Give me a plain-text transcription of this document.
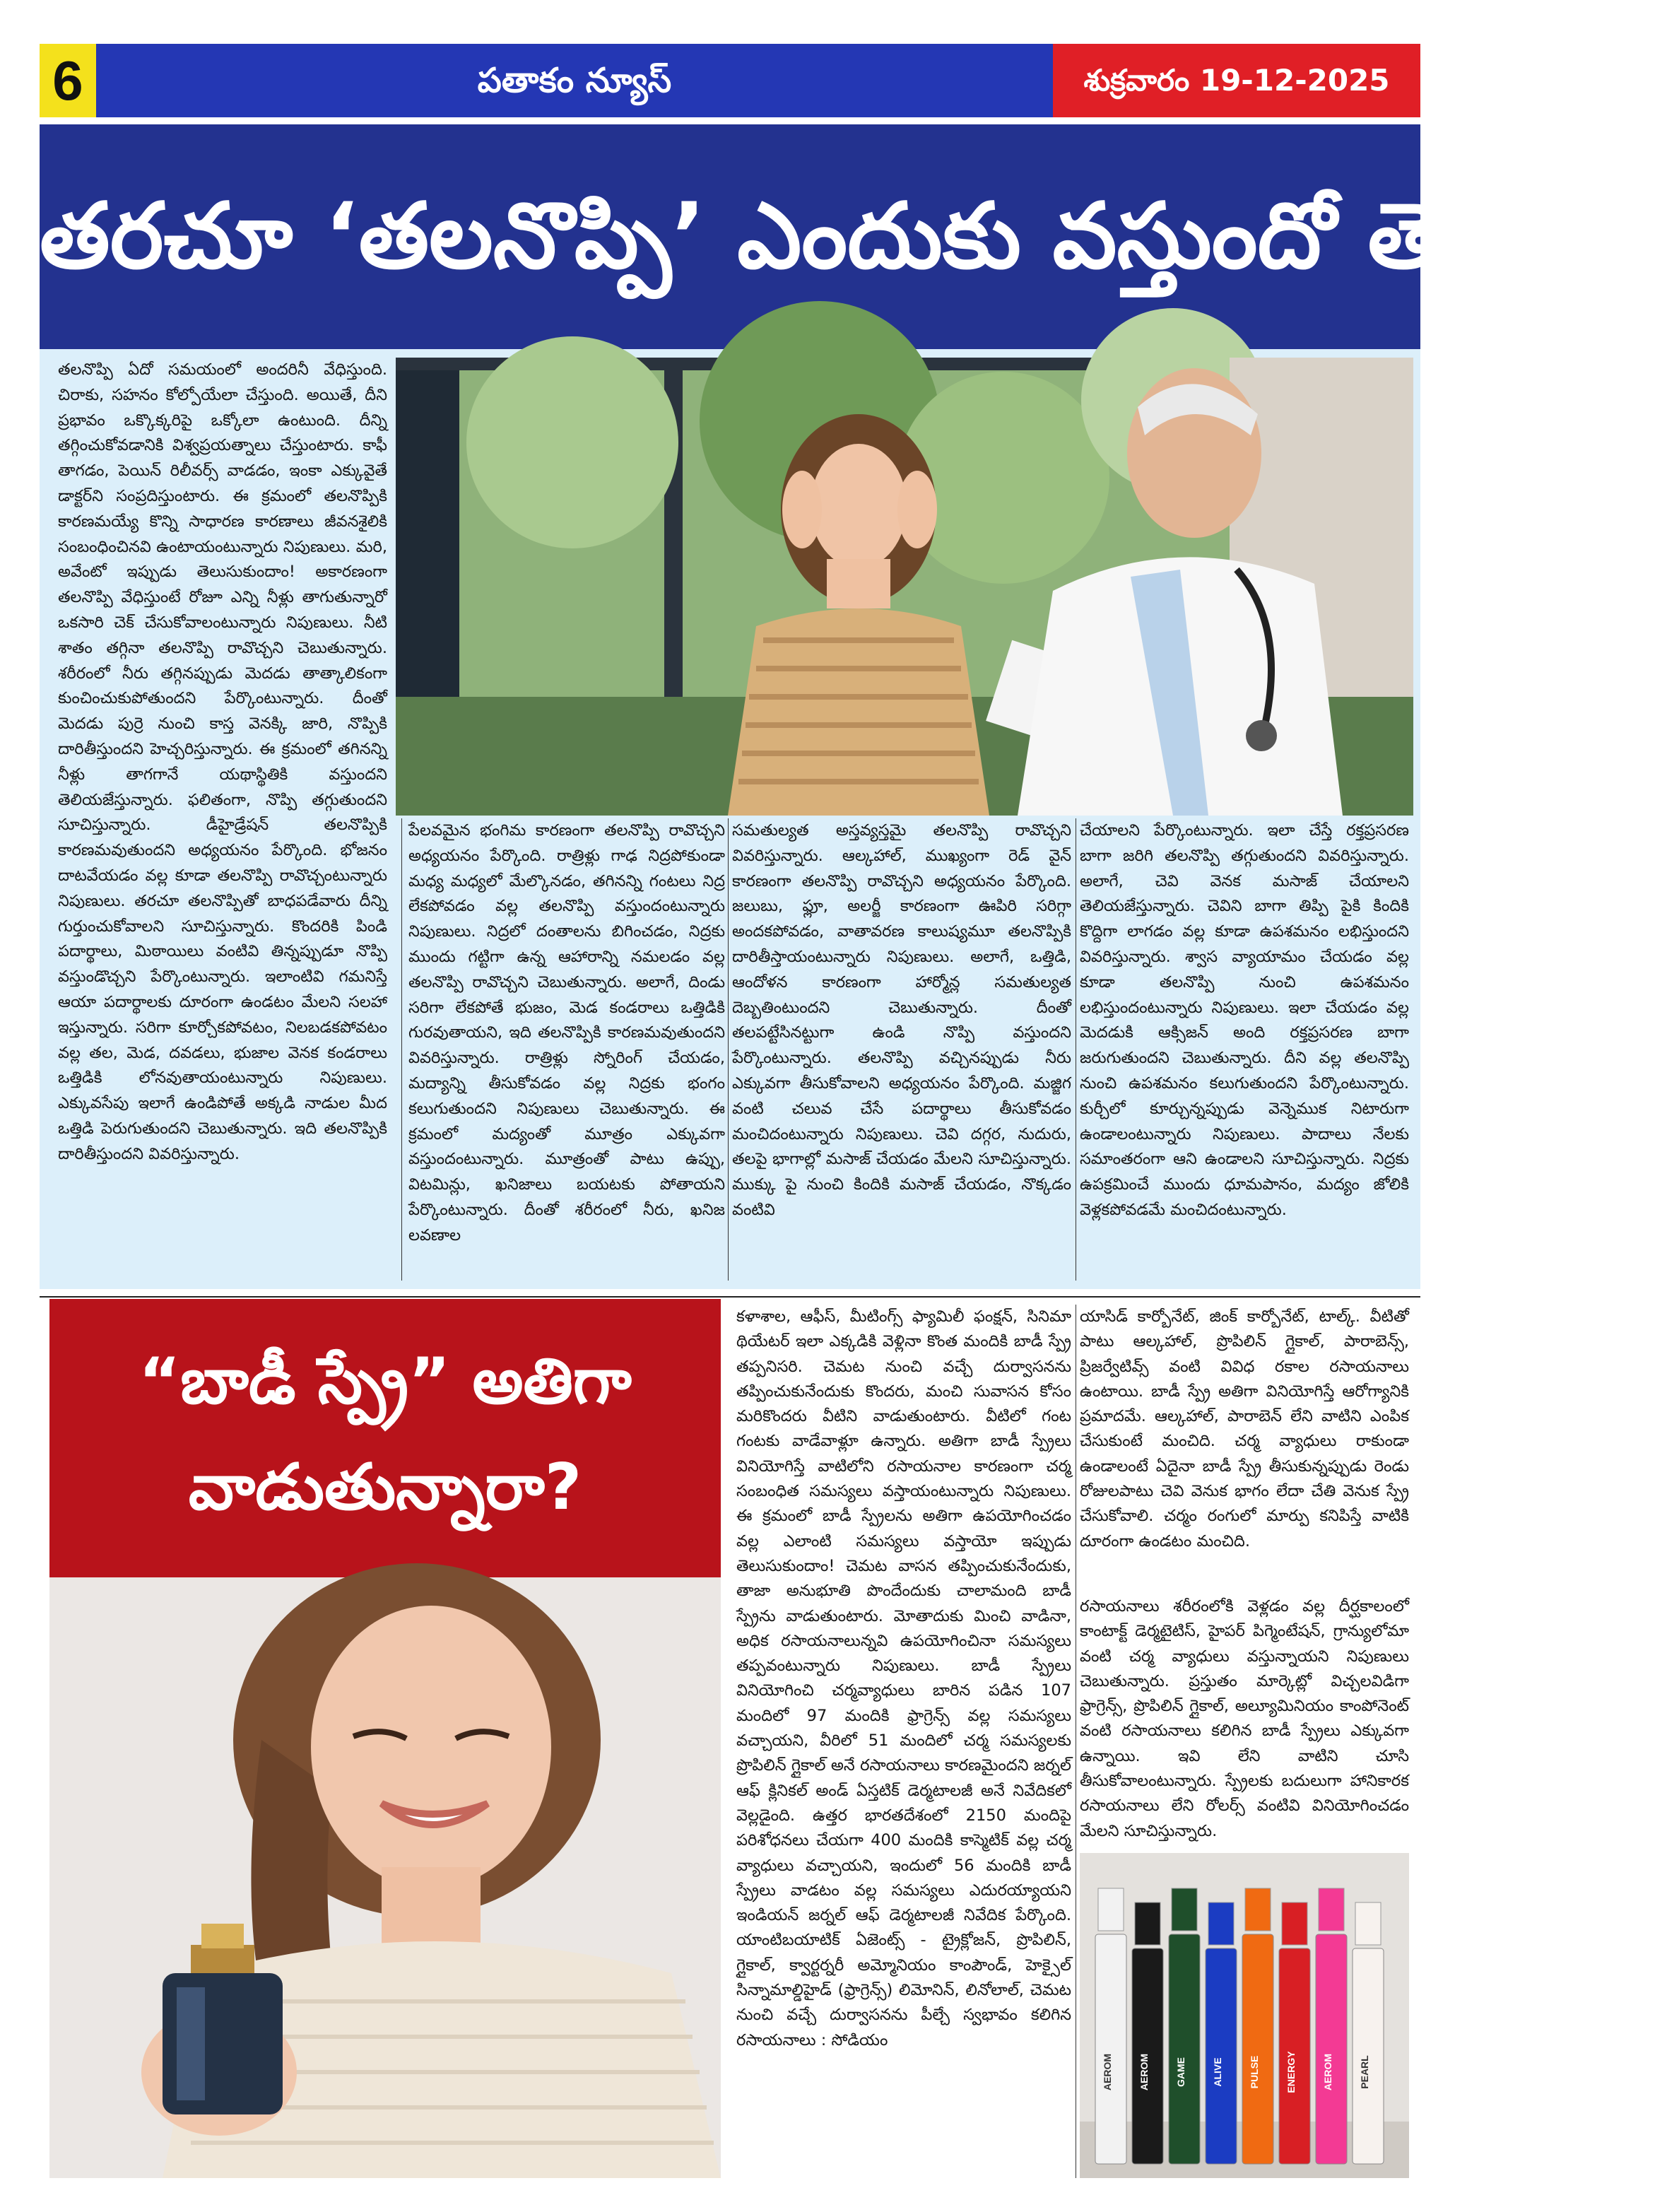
6	పతాకం న్యూస్	శుక్రవారం 19-12-2025
తరచూ ‘తలనొప్పి’ ఎందుకు వస్తుందో తెలుసా?
తలనొప్పి ఏదో సమయంలో అందరినీ వేధిస్తుంది. చిరాకు, సహనం కోల్పోయేలా చేస్తుంది. అయితే, దీని ప్రభావం ఒక్కొక్కరిపై ఒక్కోలా ఉంటుంది. దీన్ని తగ్గించుకోవడానికి విశ్వప్రయత్నాలు చేస్తుంటారు. కాఫీ తాగడం, పెయిన్ రిలీవర్స్ వాడడం, ఇంకా ఎక్కువైతే డాక్టర్‌ని సంప్రదిస్తుంటారు. ఈ క్రమంలో తలనొప్పికి కారణమయ్యే కొన్ని సాధారణ కారణాలు జీవనశైలికి సంబంధించినవి ఉంటాయంటున్నారు నిపుణులు. మరి, అవేంటో ఇప్పుడు తెలుసుకుందాం! అకారణంగా తలనొప్పి వేధిస్తుంటే రోజూ ఎన్ని నీళ్లు తాగుతున్నారో ఒకసారి చెక్ చేసుకోవాలంటున్నారు నిపుణులు. నీటి శాతం తగ్గినా తలనొప్పి రావొచ్చని చెబుతున్నారు. శరీరంలో నీరు తగ్గినప్పుడు మెదడు తాత్కాలికంగా కుంచించుకుపోతుందని పేర్కొంటున్నారు. దీంతో మెదడు పుర్రె నుంచి కాస్త వెనక్కి జారి, నొప్పికి దారితీస్తుందని హెచ్చరిస్తున్నారు. ఈ క్రమంలో తగినన్ని నీళ్లు తాగగానే యథాస్థితికి వస్తుందని తెలియజేస్తున్నారు. ఫలితంగా, నొప్పి తగ్గుతుందని సూచిస్తున్నారు. డీహైడ్రేషన్ తలనొప్పికి కారణమవుతుందని అధ్యయనం పేర్కొంది. భోజనం దాటవేయడం వల్ల కూడా తలనొప్పి రావొచ్చంటున్నారు నిపుణులు. తరచూ తలనొప్పితో బాధపడేవారు దీన్ని గుర్తుంచుకోవాలని సూచిస్తున్నారు. కొందరికి పిండి పదార్థాలు, మిఠాయిలు వంటివి తిన్నప్పుడూ నొప్పి వస్తుండొచ్చని పేర్కొంటున్నారు. ఇలాంటివి గమనిస్తే ఆయా పదార్థాలకు దూరంగా ఉండటం మేలని సలహా ఇస్తున్నారు. సరిగా కూర్చోకపోవటం, నిలబడకపోవటం వల్ల తల, మెడ, దవడలు, భుజాల వెనక కండరాలు ఒత్తిడికి లోనవుతాయంటున్నారు నిపుణులు. ఎక్కువసేపు ఇలాగే ఉండిపోతే అక్కడి నాడుల మీద ఒత్తిడి పెరుగుతుందని చెబుతున్నారు. ఇది తలనొప్పికి దారితీస్తుందని వివరిస్తున్నారు.
పేలవమైన భంగిమ కారణంగా తలనొప్పి రావొచ్చని అధ్యయనం పేర్కొంది. రాత్రిళ్లు గాఢ నిద్రపోకుండా మధ్య మధ్యలో మేల్కొనడం, తగినన్ని గంటలు నిద్ర లేకపోవడం వల్ల తలనొప్పి వస్తుందంటున్నారు నిపుణులు. నిద్రలో దంతాలను బిగించడం, నిద్రకు ముందు గట్టిగా ఉన్న ఆహారాన్ని నమలడం వల్ల తలనొప్పి రావొచ్చని చెబుతున్నారు. అలాగే, దిండు సరిగా లేకపోతే భుజం, మెడ కండరాలు ఒత్తిడికి గురవుతాయని, ఇది తలనొప్పికి కారణమవుతుందని వివరిస్తున్నారు. రాత్రిళ్లు స్నోరింగ్ చేయడం, మద్యాన్ని తీసుకోవడం వల్ల నిద్రకు భంగం కలుగుతుందని నిపుణులు చెబుతున్నారు. ఈ క్రమంలో మద్యంతో మూత్రం ఎక్కువగా వస్తుందంటున్నారు. మూత్రంతో పాటు ఉప్పు, విటమిన్లు, ఖనిజాలు బయటకు పోతాయని పేర్కొంటున్నారు. దీంతో శరీరంలో నీరు, ఖనిజ లవణాల
సమతుల్యత అస్తవ్యస్తమై తలనొప్పి రావొచ్చని వివరిస్తున్నారు. ఆల్కహాల్, ముఖ్యంగా రెడ్ వైన్ కారణంగా తలనొప్పి రావొచ్చని అధ్యయనం పేర్కొంది. జలుబు, ఫ్లూ, అలర్జీ కారణంగా ఊపిరి సరిగ్గా అందకపోవడం, వాతావరణ కాలుష్యమూ తలనొప్పికి దారితీస్తాయంటున్నారు నిపుణులు. అలాగే, ఒత్తిడి, ఆందోళన కారణంగా హార్మోన్ల సమతుల్యత దెబ్బతింటుందని చెబుతున్నారు. దీంతో తలపట్టేసినట్టుగా ఉండి నొప్పి వస్తుందని పేర్కొంటున్నారు. తలనొప్పి వచ్చినప్పుడు నీరు ఎక్కువగా తీసుకోవాలని అధ్యయనం పేర్కొంది. మజ్జిగ వంటి చలువ చేసే పదార్థాలు తీసుకోవడం మంచిదంటున్నారు నిపుణులు. చెవి దగ్గర, నుదురు, తలపై భాగాల్లో మసాజ్ చేయడం మేలని సూచిస్తున్నారు. ముక్కు పై నుంచి కిందికి మసాజ్ చేయడం, నొక్కడం వంటివి
చేయాలని పేర్కొంటున్నారు. ఇలా చేస్తే రక్తప్రసరణ బాగా జరిగి తలనొప్పి తగ్గుతుందని వివరిస్తున్నారు. అలాగే, చెవి వెనక మసాజ్ చేయాలని తెలియజేస్తున్నారు. చెవిని బాగా తిప్పి పైకి కిందికి కొద్దిగా లాగడం వల్ల కూడా ఉపశమనం లభిస్తుందని వివరిస్తున్నారు. శ్వాస వ్యాయామం చేయడం వల్ల కూడా తలనొప్పి నుంచి ఉపశమనం లభిస్తుందంటున్నారు నిపుణులు. ఇలా చేయడం వల్ల మెదడుకి ఆక్సిజన్ అంది రక్తప్రసరణ బాగా జరుగుతుందని చెబుతున్నారు. దీని వల్ల తలనొప్పి నుంచి ఉపశమనం కలుగుతుందని పేర్కొంటున్నారు. కుర్చీలో కూర్చున్నప్పుడు వెన్నెముక నిటారుగా ఉండాలంటున్నారు నిపుణులు. పాదాలు నేలకు సమాంతరంగా ఆని ఉండాలని సూచిస్తున్నారు. నిద్రకు ఉపక్రమించే ముందు ధూమపానం, మద్యం జోలికి వెళ్లకపోవడమే మంచిదంటున్నారు.
“బాడీ స్ప్రే” అతిగా
వాడుతున్నారా?
కళాశాల, ఆఫీస్, మీటింగ్స్ ఫ్యామిలీ ఫంక్షన్, సినిమా థియేటర్ ఇలా ఎక్కడికి వెళ్లినా కొంత మందికి బాడీ స్ప్రే తప్పనిసరి. చెమట నుంచి వచ్చే దుర్వాసనను తప్పించుకునేందుకు కొందరు, మంచి సువాసన కోసం మరికొందరు వీటిని వాడుతుంటారు. వీటిలో గంట గంటకు వాడేవాళ్లూ ఉన్నారు. అతిగా బాడీ స్ప్రేలు వినియోగిస్తే వాటిలోని రసాయనాల కారణంగా చర్మ సంబంధిత సమస్యలు వస్తాయంటున్నారు నిపుణులు. ఈ క్రమంలో బాడీ స్ప్రేలను అతిగా ఉపయోగించడం వల్ల ఎలాంటి సమస్యలు వస్తాయో ఇప్పుడు తెలుసుకుందాం! చెమట వాసన తప్పించుకునేందుకు, తాజా అనుభూతి పొందేందుకు చాలామంది బాడీ స్ప్రేను వాడుతుంటారు. మోతాదుకు మించి వాడినా, అధిక రసాయనాలున్నవి ఉపయోగించినా సమస్యలు తప్పవంటున్నారు నిపుణులు. బాడీ స్ప్రేలు వినియోగించి చర్మవ్యాధులు బారిన పడిన 107 మందిలో 97 మందికి ఫ్రాగ్రెన్స్ వల్ల సమస్యలు వచ్చాయని, వీరిలో 51 మందిలో చర్మ సమస్యలకు ప్రొపిలిన్ గ్లైకాల్ అనే రసాయనాలు కారణమైందని జర్నల్ ఆఫ్ క్లినికల్ అండ్ ఏస్తటిక్ డెర్మటాలజీ అనే నివేదికలో వెల్లడైంది. ఉత్తర భారతదేశంలో 2150 మందిపై పరిశోధనలు చేయగా 400 మందికి కాస్మెటిక్ వల్ల చర్మ వ్యాధులు వచ్చాయని, ఇందులో 56 మందికి బాడీ స్ప్రేలు వాడటం వల్ల సమస్యలు ఎదురయ్యాయని ఇండియన్ జర్నల్ ఆఫ్ డెర్మటాలజీ నివేదిక పేర్కొంది. యాంటిబయాటిక్ ఏజెంట్స్ - ట్రైక్లోజన్, ప్రొపిలిన్, గ్లైకాల్, క్వార్టర్నరీ అమ్మోనియం కాంపౌండ్, హెక్సైల్ సిన్నామాల్డిహైడ్ (ఫ్రాగ్రెన్స్) లిమోనిన్, లినోలాల్, చెమట నుంచి వచ్చే దుర్వాసనను పీల్చే స్వభావం కలిగిన రసాయనాలు : సోడియం
యాసిడ్ కార్బోనేట్, జింక్ కార్బోనేట్, టాల్క్. వీటితో పాటు ఆల్కహాల్, ప్రొపిలిన్ గ్లైకాల్, పారాబెన్స్, ప్రిజర్వేటివ్స్ వంటి వివిధ రకాల రసాయనాలు ఉంటాయి. బాడీ స్ప్రే అతిగా వినియోగిస్తే ఆరోగ్యానికి ప్రమాదమే. ఆల్కహాల్, పారాబెన్ లేని వాటిని ఎంపిక చేసుకుంటే మంచిది. చర్మ వ్యాధులు రాకుండా ఉండాలంటే ఏదైనా బాడీ స్ప్రే తీసుకున్నప్పుడు రెండు రోజులపాటు చెవి వెనుక భాగం లేదా చేతి వెనుక స్ప్రే చేసుకోవాలి. చర్మం రంగులో మార్పు కనిపిస్తే వాటికి దూరంగా ఉండటం మంచిది.
రసాయనాలు శరీరంలోకి వెళ్లడం వల్ల దీర్ఘకాలంలో కాంటాక్ట్ డెర్మటైటిస్, హైపర్ పిగ్మెంటేషన్, గ్రాన్యులోమా వంటి చర్మ వ్యాధులు వస్తున్నాయని నిపుణులు చెబుతున్నారు. ప్రస్తుతం మార్కెట్లో విచ్చలవిడిగా ఫ్రాగ్రెన్స్, ప్రొపిలిన్ గ్లైకాల్, అల్యూమినియం కాంపోనెంట్ వంటి రసాయనాలు కలిగిన బాడీ స్ప్రేలు ఎక్కువగా ఉన్నాయి. ఇవి లేని వాటిని చూసి తీసుకోవాలంటున్నారు. స్ప్రేలకు బదులుగా హానికారక రసాయనాలు లేని రోలర్స్ వంటివి వినియోగించడం మేలని సూచిస్తున్నారు.
AEROM	AEROM	GAME	ALIVE	PULSE	ENERGY	AEROM	PEARL
